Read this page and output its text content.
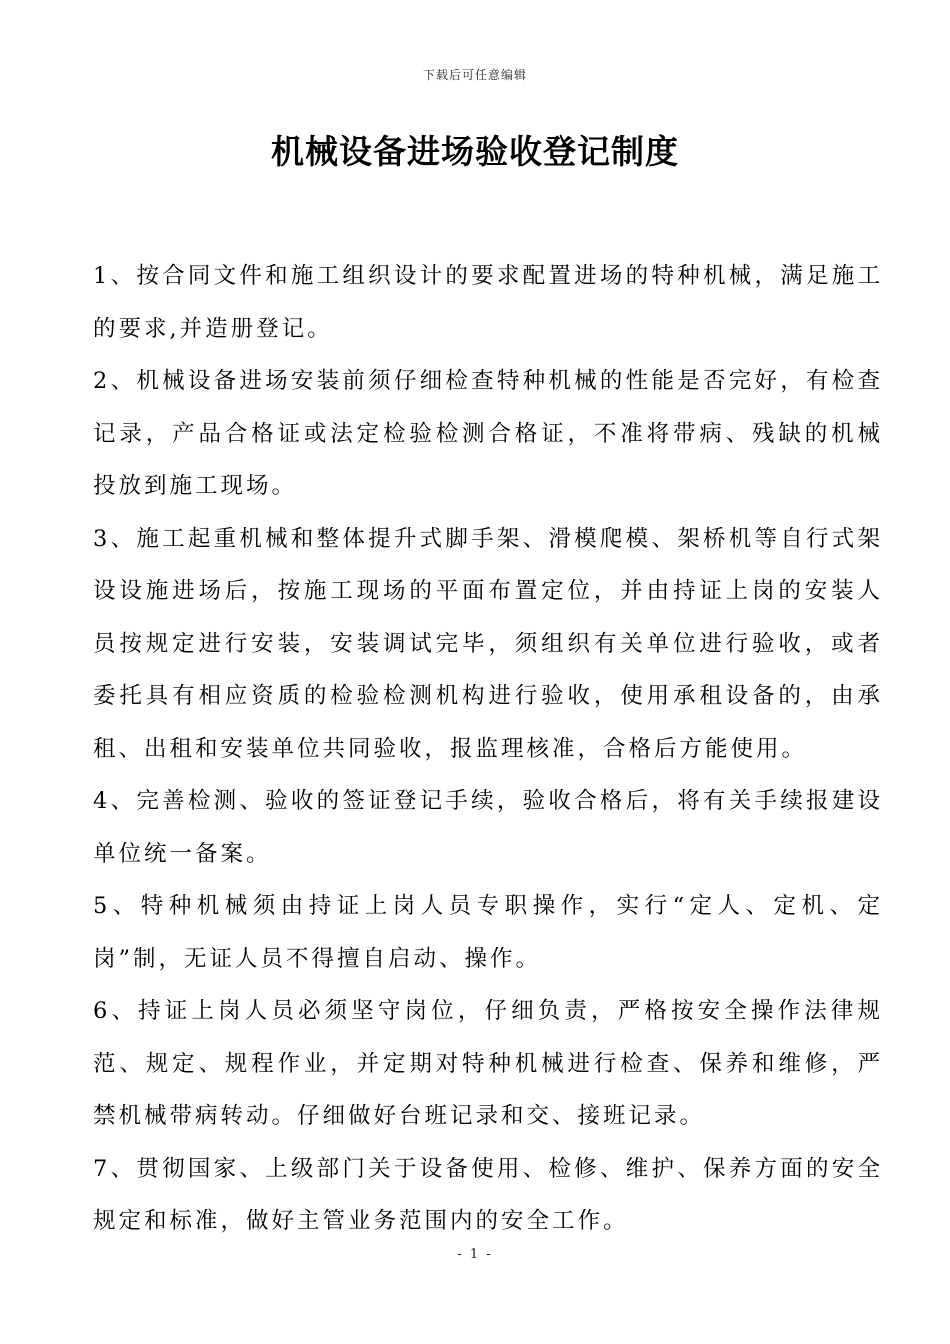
下载后可任意编辑
机械设备进场验收登记制度

1、按合同文件和施工组织设计的要求配置进场的特种机械，满足施工的要求,并造册登记。

2、机械设备进场安装前须仔细检查特种机械的性能是否完好，有检查记录，产品合格证或法定检验检测合格证，不准将带病、残缺的机械投放到施工现场。

3、施工起重机械和整体提升式脚手架、滑模爬模、架桥机等自行式架设设施进场后，按施工现场的平面布置定位，并由持证上岗的安装人员按规定进行安装，安装调试完毕，须组织有关单位进行验收，或者委托具有相应资质的检验检测机构进行验收，使用承租设备的，由承租、出租和安装单位共同验收，报监理核准，合格后方能使用。

4、完善检测、验收的签证登记手续，验收合格后，将有关手续报建设单位统一备案。

5、特种机械须由持证上岗人员专职操作，实行“定人、定机、定岗”制，无证人员不得擅自启动、操作。

6、持证上岗人员必须坚守岗位，仔细负责，严格按安全操作法律规范、规定、规程作业，并定期对特种机械进行检查、保养和维修，严禁机械带病转动。仔细做好台班记录和交、接班记录。

7、贯彻国家、上级部门关于设备使用、检修、维护、保养方面的安全规定和标准，做好主管业务范围内的安全工作。

- 1 -
